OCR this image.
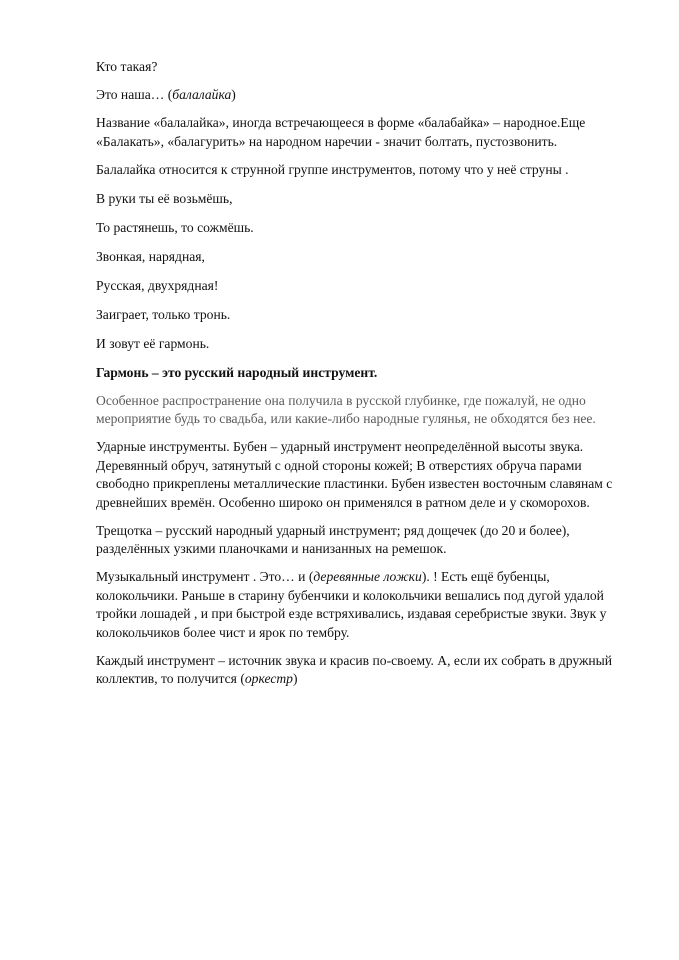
Кто такая?

Это наша… (балалайка)

Название «балалайка», иногда встречающееся в форме «балабайка» – народное.Еще
«Балакать», «балагурить» на народном наречии - значит болтать, пустозвонить.

Балалайка относится к струнной группе инструментов, потому что у неё струны .

В руки ты её возьмёшь,

То растянешь, то сожмёшь.

Звонкая, нарядная,

Русская, двухрядная!

Заиграет, только тронь.

И зовут её гармонь.

Гармонь – это русский народный инструмент.

Особенное распространение она получила в русской глубинке, где пожалуй, не одно
мероприятие будь то свадьба, или какие-либо народные гулянья, не обходятся без нее.

Ударные инструменты. Бубен – ударный инструмент неопределённой высоты звука.
Деревянный обруч, затянутый с одной стороны кожей; В отверстиях обруча парами
свободно прикреплены металлические пластинки. Бубен известен восточным славянам с
древнейших времён. Особенно широко он применялся в ратном деле и у скоморохов.

Трещотка – русский народный ударный инструмент; ряд дощечек (до 20 и более),
разделённых узкими планочками и нанизанных на ремешок.

Музыкальный инструмент . Это… и (деревянные ложки). ! Есть ещё бубенцы,
колокольчики. Раньше в старину бубенчики и колокольчики вешались под дугой удалой
тройки лошадей , и при быстрой езде встряхивались, издавая серебристые звуки. Звук у
колокольчиков более чист и ярок по тембру.

Каждый инструмент – источник звука и красив по-своему. А, если их собрать в дружный
коллектив, то получится (оркестр)
